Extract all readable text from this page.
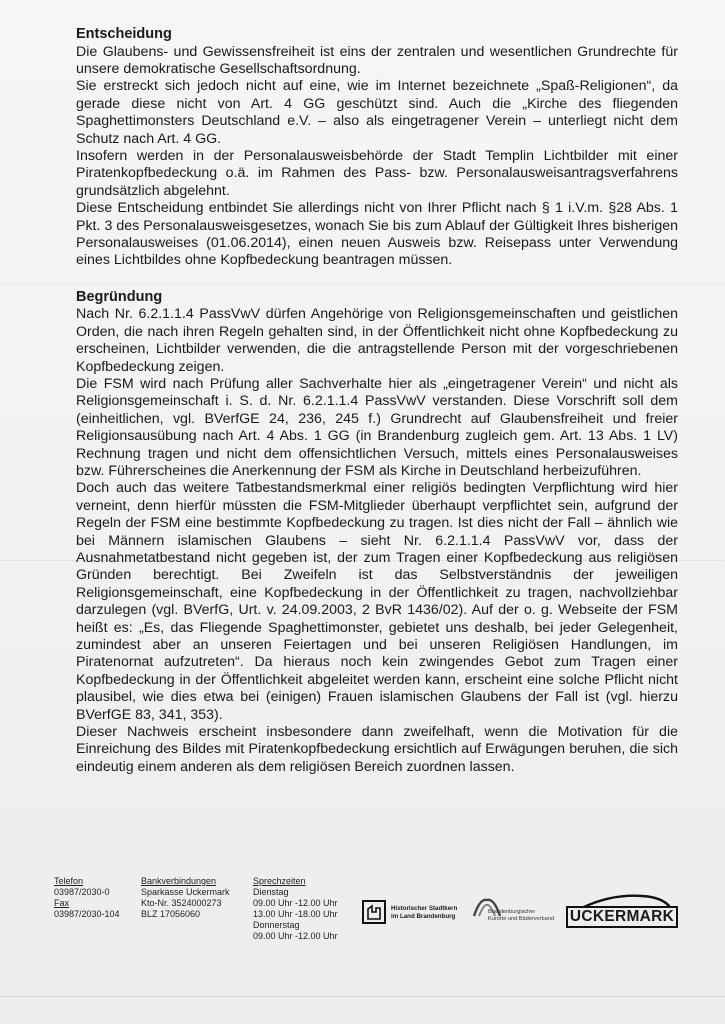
Entscheidung

Die Glaubens- und Gewissensfreiheit ist eins der zentralen und wesentlichen Grundrechte für unsere demokratische Gesellschaftsordnung.

Sie erstreckt sich jedoch nicht auf eine, wie im Internet bezeichnete „Spaß-Religionen“, da gerade diese nicht von Art. 4 GG geschützt sind. Auch die „Kirche des fliegenden Spaghettimonsters Deutschland e.V. – also als eingetragener Verein – unterliegt nicht dem Schutz nach Art. 4 GG.

Insofern werden in der Personalausweisbehörde der Stadt Templin Lichtbilder mit einer Piratenkopfbedeckung o.ä. im Rahmen des Pass- bzw. Personalausweisantragsverfahrens grundsätzlich abgelehnt.

Diese Entscheidung entbindet Sie allerdings nicht von Ihrer Pflicht nach § 1 i.V.m. §28 Abs. 1 Pkt. 3 des Personalausweisgesetzes, wonach Sie bis zum Ablauf der Gültigkeit Ihres bisherigen Personalausweises (01.06.2014), einen neuen Ausweis bzw. Reisepass unter Verwendung eines Lichtbildes ohne Kopfbedeckung beantragen müssen.

Begründung

Nach Nr. 6.2.1.1.4 PassVwV dürfen Angehörige von Religionsgemeinschaften und geistlichen Orden, die nach ihren Regeln gehalten sind, in der Öffentlichkeit nicht ohne Kopfbedeckung zu erscheinen, Lichtbilder verwenden, die die antragstellende Person mit der vorgeschriebenen Kopfbedeckung zeigen.

Die FSM wird nach Prüfung aller Sachverhalte hier als „eingetragener Verein“ und nicht als Religionsgemeinschaft i. S. d. Nr. 6.2.1.1.4 PassVwV verstanden. Diese Vorschrift soll dem (einheitlichen, vgl. BVerfGE 24, 236, 245 f.) Grundrecht auf Glaubensfreiheit und freier Religionsausübung nach Art. 4 Abs. 1 GG (in Brandenburg zugleich gem. Art. 13 Abs. 1 LV) Rechnung tragen und nicht dem offensichtlichen Versuch, mittels eines Personalausweises bzw. Führerscheines die Anerkennung der FSM als Kirche in Deutschland herbeizuführen.

Doch auch das weitere Tatbestandsmerkmal einer religiös bedingten Verpflichtung wird hier verneint, denn hierfür müssten die FSM-Mitglieder überhaupt verpflichtet sein, aufgrund der Regeln der FSM eine bestimmte Kopfbedeckung zu tragen. Ist dies nicht der Fall – ähnlich wie bei Männern islamischen Glaubens – sieht Nr. 6.2.1.1.4 PassVwV vor, dass der Ausnahmetatbestand nicht gegeben ist, der zum Tragen einer Kopfbedeckung aus religiösen Gründen berechtigt. Bei Zweifeln ist das Selbstverständnis der jeweiligen Religionsgemeinschaft, eine Kopfbedeckung in der Öffentlichkeit zu tragen, nachvollziehbar darzulegen (vgl. BVerfG, Urt. v. 24.09.2003, 2 BvR 1436/02). Auf der o. g. Webseite der FSM heißt es: „Es, das Fliegende Spaghettimonster, gebietet uns deshalb, bei jeder Gelegenheit, zumindest aber an unseren Feiertagen und bei unseren Religiösen Handlungen, im Piratenornat aufzutreten“. Da hieraus noch kein zwingendes Gebot zum Tragen einer Kopfbedeckung in der Öffentlichkeit abgeleitet werden kann, erscheint eine solche Pflicht nicht plausibel, wie dies etwa bei (einigen) Frauen islamischen Glaubens der Fall ist (vgl. hierzu BVerfGE 83, 341, 353).

Dieser Nachweis erscheint insbesondere dann zweifelhaft, wenn die Motivation für die Einreichung des Bildes mit Piratenkopfbedeckung ersichtlich auf Erwägungen beruhen, die sich eindeutig einem anderen als dem religiösen Bereich zuordnen lassen.

Telefon
03987/2030-0
Fax
03987/2030-104
Bankverbindungen
Sparkasse Uckermark
Kto-Nr. 3524000273
BLZ 17056060
Sprechzeiten
Dienstag
09.00 Uhr -12.00 Uhr
13.00 Uhr -18.00 Uhr
Donnerstag
09.00 Uhr -12.00 Uhr
Historischer Stadtkern
im Land Brandenburg
Brandenburgischer
Kurorte und Bäderverband	UCKERMARK
